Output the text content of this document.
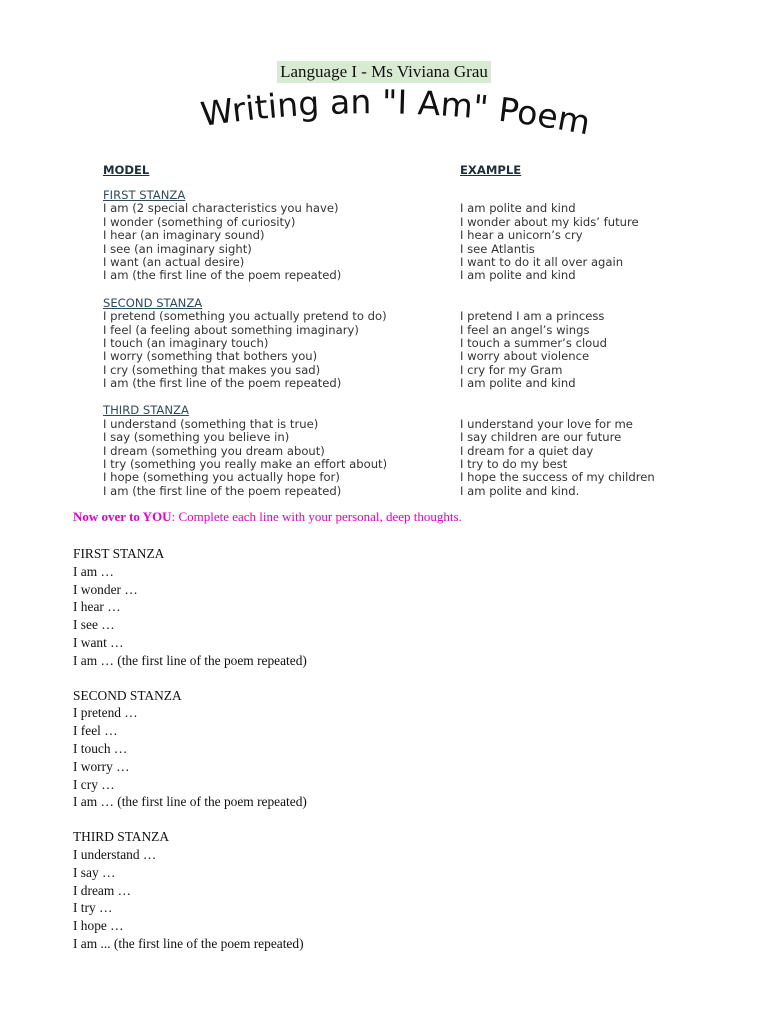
Language I - Ms Viviana Grau
Writing an "I Am" Poem
MODEL
FIRST STANZA
I am (2 special characteristics you have)
I wonder (something of curiosity)
I hear (an imaginary sound)
I see (an imaginary sight)
I want (an actual desire)
I am (the first line of the poem repeated)
SECOND STANZA
I pretend (something you actually pretend to do)
I feel (a feeling about something imaginary)
I touch (an imaginary touch)
I worry (something that bothers you)
I cry (something that makes you sad)
I am (the first line of the poem repeated)
THIRD STANZA
I understand (something that is true)
I say (something you believe in)
I dream (something you dream about)
I try (something you really make an effort about)
I hope (something you actually hope for)
I am (the first line of the poem repeated)
EXAMPLE
I am polite and kind
I wonder about my kids’ future
I hear a unicorn’s cry
I see Atlantis
I want to do it all over again
I am polite and kind
I pretend I am a princess
I feel an angel’s wings
I touch a summer’s cloud
I worry about violence
I cry for my Gram
I am polite and kind
I understand your love for me
I say children are our future
I dream for a quiet day
I try to do my best
I hope the success of my children
I am polite and kind.
Now over to YOU: Complete each line with your personal, deep thoughts.
FIRST STANZA
I am …
I wonder …
I hear …
I see …
I want …
I am … (the first line of the poem repeated)
SECOND STANZA
I pretend …
I feel …
I touch …
I worry …
I cry …
I am … (the first line of the poem repeated)
THIRD STANZA
I understand …
I say …
I dream …
I try …
I hope …
I am ... (the first line of the poem repeated)
